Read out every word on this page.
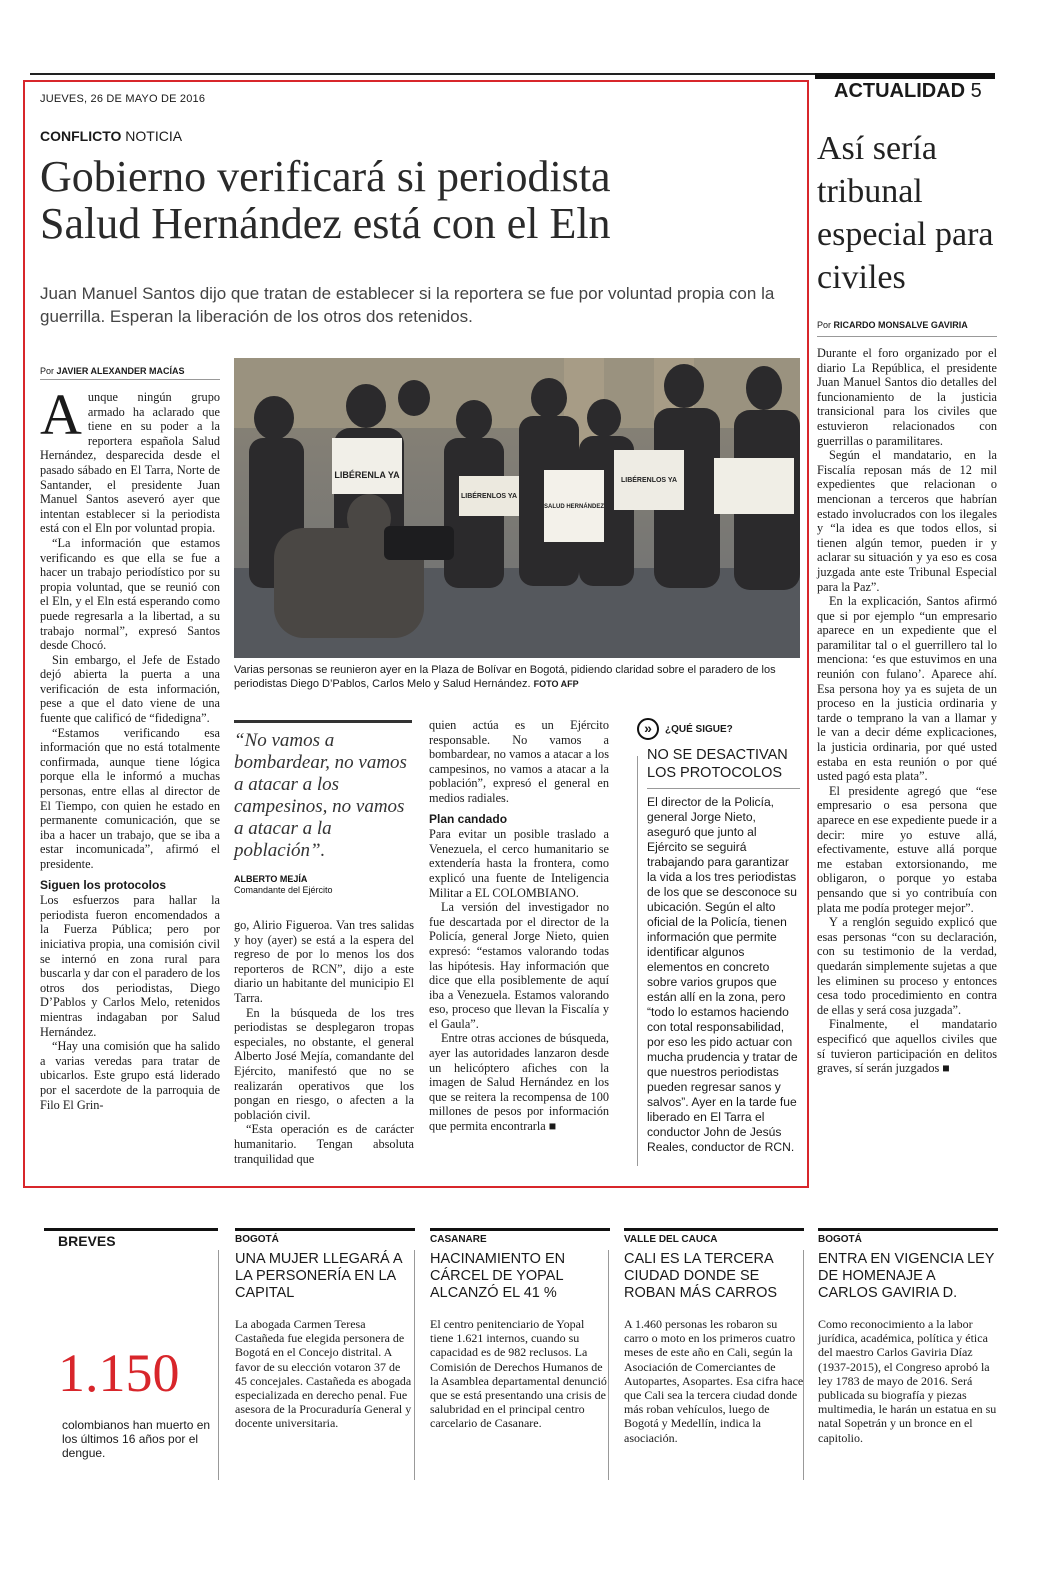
ACTUALIDAD 5
JUEVES, 26 DE MAYO DE 2016
CONFLICTO NOTICIA
Gobierno verificará si periodista
Salud Hernández está con el Eln
Juan Manuel Santos dijo que tratan de establecer si la reportera se fue por voluntad propia con la guerrilla. Esperan la liberación de los otros dos retenidos.
Por JAVIER ALEXANDER MACÍAS
A unque ningún grupo armado ha aclarado que tiene en su poder a la reportera española Salud Hernández, desparecida desde el pasado sábado en El Tarra, Norte de Santander, el presidente Juan Manuel Santos aseveró ayer que intentan establecer si la periodista está con el Eln por voluntad propia.

“La información que estamos verificando es que ella se fue a hacer un trabajo periodístico por su propia voluntad, que se reunió con el Eln, y el Eln está esperando como puede regresarla a la libertad, a su trabajo normal”, expresó Santos desde Chocó.

Sin embargo, el Jefe de Estado dejó abierta la puerta a una verificación de esta información, pese a que el dato viene de una fuente que calificó de “fidedigna”.

“Estamos verificando esa información que no está totalmente confirmada, aunque tiene lógica porque ella le informó a muchas personas, entre ellas al director de El Tiempo, con quien he estado en permanente comunicación, que se iba a hacer un trabajo, que se iba a estar incomunicada”, afirmó el presidente.

Siguen los protocolos

Los esfuerzos para hallar la periodista fueron encomendados a la Fuerza Pública; pero por iniciativa propia, una comisión civil se internó en zona rural para buscarla y dar con el paradero de los otros dos periodistas, Diego D’Pablos y Carlos Melo, retenidos mientras indagaban por Salud Hernández.

“Hay una comisión que ha salido a varias veredas para tratar de ubicarlos. Este grupo está liderado por el sacerdote de la parroquia de Filo El Grin-

LIBÉRENLA YA
LIBÉRENLOS YA
SALUD HERNÁNDEZ
LIBÉRENLOS YA
Varias personas se reunieron ayer en la Plaza de Bolívar en Bogotá, pidiendo claridad sobre el paradero de los periodistas Diego D’Pablos, Carlos Melo y Salud Hernández. FOTO AFP
“No vamos a bombardear, no vamos a atacar a los campesinos, no vamos a atacar a la población”.
ALBERTO MEJÍA
Comandante del Ejército

go, Alirio Figueroa. Van tres salidas y hoy (ayer) se está a la espera del regreso de por lo menos los dos reporteros de RCN”, dijo a este diario un habitante del municipio El Tarra.

En la búsqueda de los tres periodistas se desplegaron tropas especiales, no obstante, el general Alberto José Mejía, comandante del Ejército, manifestó que no se realizarán operativos que los pongan en riesgo, o afecten a la población civil.

“Esta operación es de carácter humanitario. Tengan absoluta tranquilidad que

quien actúa es un Ejército responsable. No vamos a bombardear, no vamos a atacar a los campesinos, no vamos a atacar a la población”, expresó el general en medios radiales.

Plan candado

Para evitar un posible traslado a Venezuela, el cerco humanitario se extendería hasta la frontera, como explicó una fuente de Inteligencia Militar a EL COLOMBIANO.

La versión del investigador no fue descartada por el director de la Policía, general Jorge Nieto, quien expresó: “estamos valorando todas las hipótesis. Hay información que dice que ella posiblemente de aquí iba a Venezuela. Estamos valorando eso, proceso que llevan la Fiscalía y el Gaula”.

Entre otras acciones de búsqueda, ayer las autoridades lanzaron desde un helicóptero afiches con la imagen de Salud Hernández en los que se reitera la recompensa de 100 millones de pesos por información que permita encontrarla ■

»	¿QUÉ SIGUE?
NO SE DESACTIVAN LOS PROTOCOLOS
El director de la Policía, general Jorge Nieto, aseguró que junto al Ejército se seguirá trabajando para garantizar la vida a los tres periodistas de los que se desconoce su ubicación. Según el alto oficial de la Policía, tienen información que permite identificar algunos elementos en concreto sobre varios grupos que están allí en la zona, pero “todo lo estamos haciendo con total responsabilidad, por eso les pido actuar con mucha prudencia y tratar de que nuestros periodistas pueden regresar sanos y salvos”. Ayer en la tarde fue liberado en El Tarra el conductor John de Jesús Reales, conductor de RCN.
Así sería tribunal especial para civiles
Por RICARDO MONSALVE GAVIRIA

Durante el foro organizado por el diario La República, el presidente Juan Manuel Santos dio detalles del funcionamiento de la justicia transicional para los civiles que estuvieron relacionados con guerrillas o paramilitares.

Según el mandatario, en la Fiscalía reposan más de 12 mil expedientes que relacionan o mencionan a terceros que habrían estado involucrados con los ilegales y “la idea es que todos ellos, si tienen algún temor, pueden ir y aclarar su situación y ya eso es cosa juzgada ante este Tribunal Especial para la Paz”.

En la explicación, Santos afirmó que si por ejemplo “un empresario aparece en un expediente que el paramilitar tal o el guerrillero tal lo menciona: ‘es que estuvimos en una reunión con fulano’. Aparece ahí. Esa persona hoy ya es sujeta de un proceso en la justicia ordinaria y tarde o temprano la van a llamar y le van a decir déme explicaciones, la justicia ordinaria, por qué usted estaba en esta reunión o por qué usted pagó esta plata”.

El presidente agregó que “ese empresario o esa persona que aparece en ese expediente puede ir a decir: mire yo estuve allá, efectivamente, estuve allá porque me estaban extorsionando, me obligaron, o porque yo estaba pensando que si yo contribuía con plata me podía proteger mejor”.

Y a renglón seguido explicó que esas personas “con su declaración, con su testimonio de la verdad, quedarán simplemente sujetas a que les eliminen su proceso y entonces cesa todo procedimiento en contra de ellas y será cosa juzgada”.

Finalmente, el mandatario especificó que aquellos civiles que sí tuvieron participación en delitos graves, sí serán juzgados ■

BREVES
1.150
colombianos han muerto en los últimos 16 años por el dengue.
BOGOTÁ
UNA MUJER LLEGARÁ A LA PERSONERÍA EN LA CAPITAL
La abogada Carmen Teresa Castañeda fue elegida personera de Bogotá en el Concejo distrital. A favor de su elección votaron 37 de 45 concejales. Castañeda es abogada especializada en derecho penal. Fue asesora de la Procuraduría General y docente universitaria.
CASANARE
HACINAMIENTO EN CÁRCEL DE YOPAL ALCANZÓ EL 41 %
El centro penitenciario de Yopal tiene 1.621 internos, cuando su capacidad es de 982 reclusos. La Comisión de Derechos Humanos de la Asamblea departamental denunció que se está presentando una crisis de salubridad en el principal centro carcelario de Casanare.
VALLE DEL CAUCA
CALI ES LA TERCERA CIUDAD DONDE SE ROBAN MÁS CARROS
A 1.460 personas les robaron su carro o moto en los primeros cuatro meses de este año en Cali, según la Asociación de Comerciantes de Autopartes, Asopartes. Esa cifra hace que Cali sea la tercera ciudad donde más roban vehículos, luego de Bogotá y Medellín, indica la asociación.
BOGOTÁ
ENTRA EN VIGENCIA LEY DE HOMENAJE A CARLOS GAVIRIA D.
Como reconocimiento a la labor jurídica, académica, política y ética del maestro Carlos Gaviria Díaz (1937-2015), el Congreso aprobó la ley 1783 de mayo de 2016. Será publicada su biografía y piezas multimedia, le harán un estatua en su natal Sopetrán y un bronce en el capitolio.
